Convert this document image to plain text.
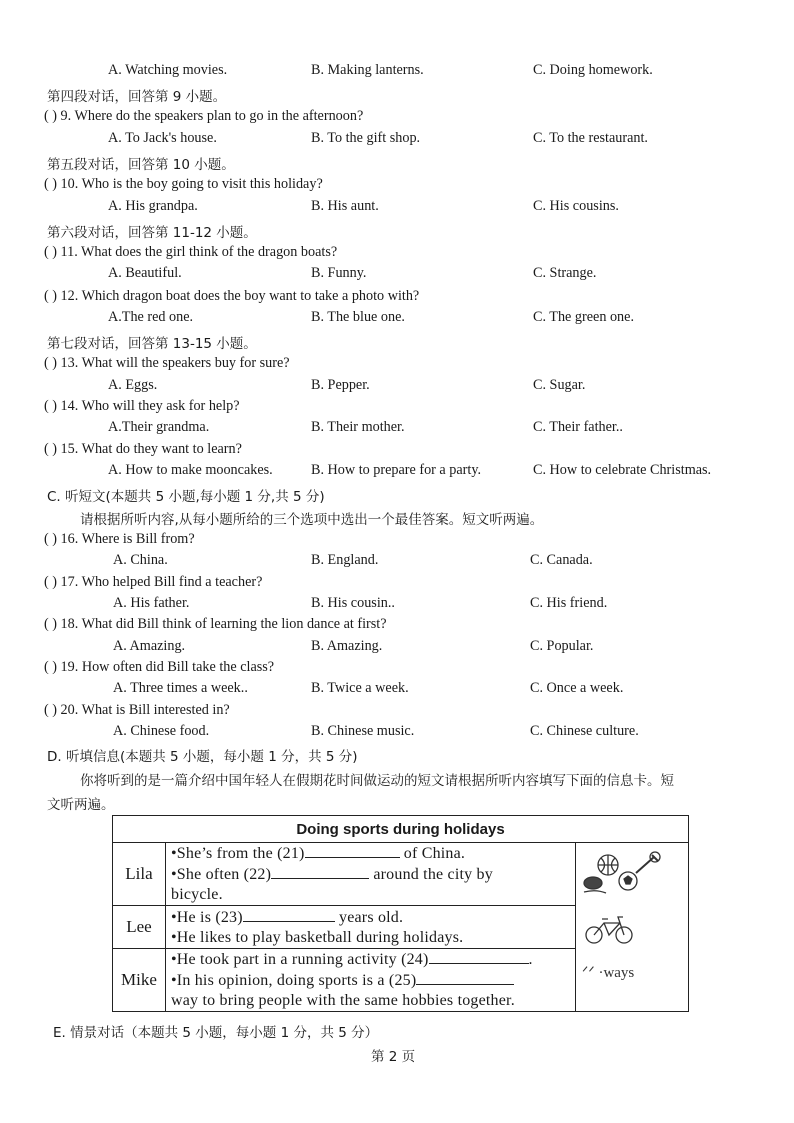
A. Watching movies.	B. Making lanterns.	C. Doing homework.
第四段对话，回答第 9 小题。
( ) 9. Where do the speakers plan to go in the afternoon?
A. To Jack's house.	B. To the gift shop.	C. To the restaurant.
第五段对话，回答第 10 小题。
( ) 10. Who is the boy going to visit this holiday?
A. His grandpa.	B. His aunt.	C. His cousins.
第六段对话，回答第 11-12 小题。
( ) 11. What does the girl think of the dragon boats?
A. Beautiful.	B. Funny.	C. Strange.
( ) 12. Which dragon boat does the boy want to take a photo with?
A.The red one.	B. The blue one.	C. The green one.
第七段对话，回答第 13-15 小题。
( ) 13. What will the speakers buy for sure?
A. Eggs.	B. Pepper.	C. Sugar.
( ) 14. Who will they ask for help?
A.Their grandma.	B. Their mother.	C. Their father..
( ) 15. What do they want to learn?
A. How to make mooncakes.	B. How to prepare for a party.	C. How to celebrate Christmas.
C. 听短文(本题共 5 小题,每小题 1 分,共 5 分)
请根据所听内容,从每小题所给的三个选项中选出一个最佳答案。短文听两遍。
( ) 16. Where is Bill from?
A. China.	B. England.	C. Canada.
( ) 17. Who helped Bill find a teacher?
A. His father.	B. His cousin..	C. His friend.
( ) 18. What did Bill think of learning the lion dance at first?
A. Amazing.	B. Amazing.	C. Popular.
( ) 19. How often did Bill take the class?
A. Three times a week..	B. Twice a week.	C. Once a week.
( ) 20. What is Bill interested in?
A. Chinese food.	B. Chinese music.	C. Chinese culture.
D. 听填信息(本题共 5 小题，每小题 1 分，共 5 分)
你将听到的是一篇介绍中国年轻人在假期花时间做运动的短文请根据所听内容填写下面的信息卡。短
文听两遍。
E. 情景对话（本题共 5 小题，每小题 1 分，共 5 分）
第 2 页
Doing sports during holidays		
Lila	•She’s from the (21) of China.
•She often (22) around the city by
bicycle.	ᐟᐟ ·ways

Lee	•He is (23) years old.
•He likes to play basketball during holidays.	

Mike	•He took part in a running activity (24) .
•In his opinion, doing sports is a (25)
way to bring people with the same hobbies together.	
